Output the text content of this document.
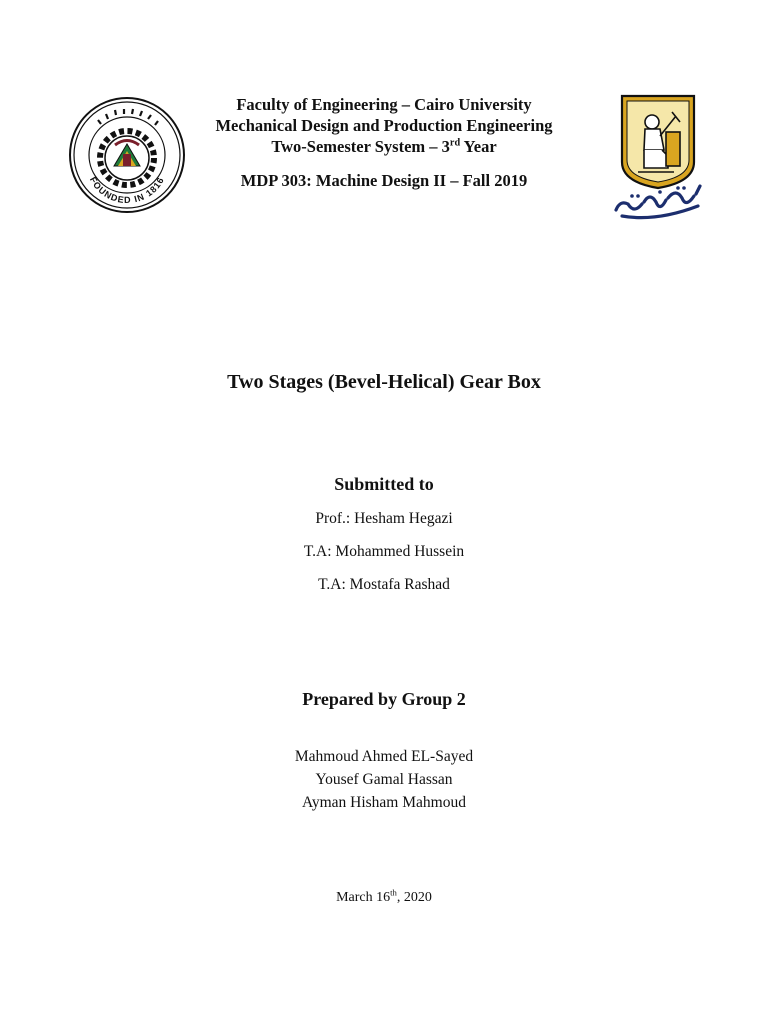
FOUNDED IN 1816
Faculty of Engineering – Cairo University
Mechanical Design and Production Engineering
Two-Semester System – 3rd Year
MDP 303: Machine Design II – Fall 2019
Two Stages (Bevel-Helical) Gear Box
Submitted to
Prof.: Hesham Hegazi
T.A: Mohammed Hussein
T.A: Mostafa Rashad
Prepared by Group 2
Mahmoud Ahmed EL-Sayed
Yousef Gamal Hassan
Ayman Hisham Mahmoud
March 16th, 2020
